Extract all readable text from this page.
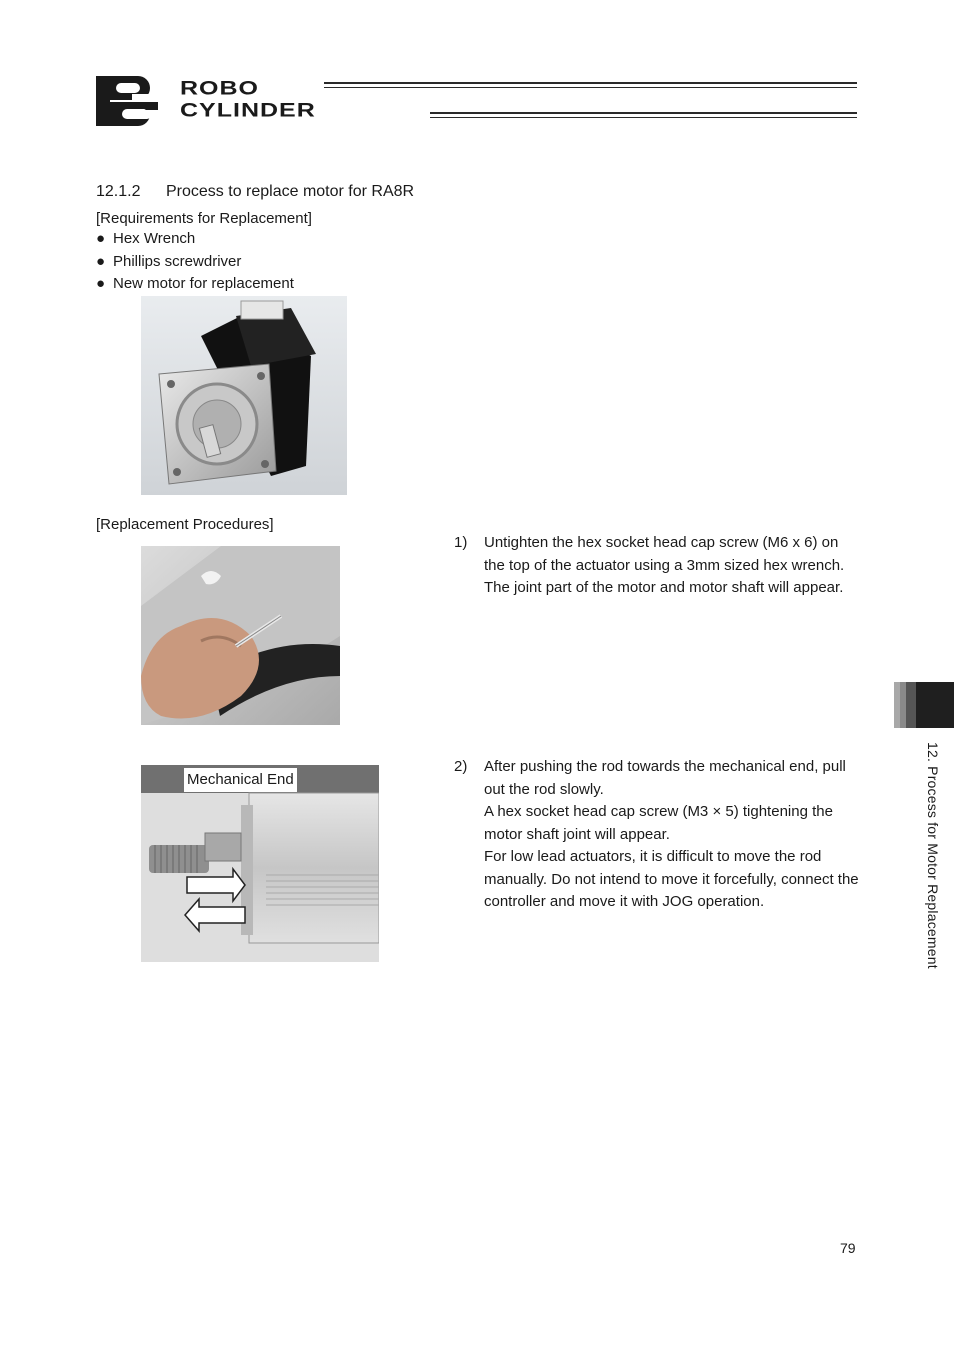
ROBO
CYLINDER
12.1.2 Process to replace motor for RA8R
[Requirements for Replacement]
● Hex Wrench
● Phillips screwdriver
● New motor for replacement
[Replacement Procedures]
1) Untighten the hex socket head cap screw (M6 x 6) on the top of the actuator using a 3mm sized hex wrench.
The joint part of the motor and motor shaft will appear.
Mechanical End
2) After pushing the rod towards the mechanical end, pull out the rod slowly.
A hex socket head cap screw (M3 × 5) tightening the motor shaft joint will appear.
For low lead actuators, it is difficult to move the rod manually. Do not intend to move it forcefully, connect the controller and move it with JOG operation.	12. Process for Motor Replacement
79
